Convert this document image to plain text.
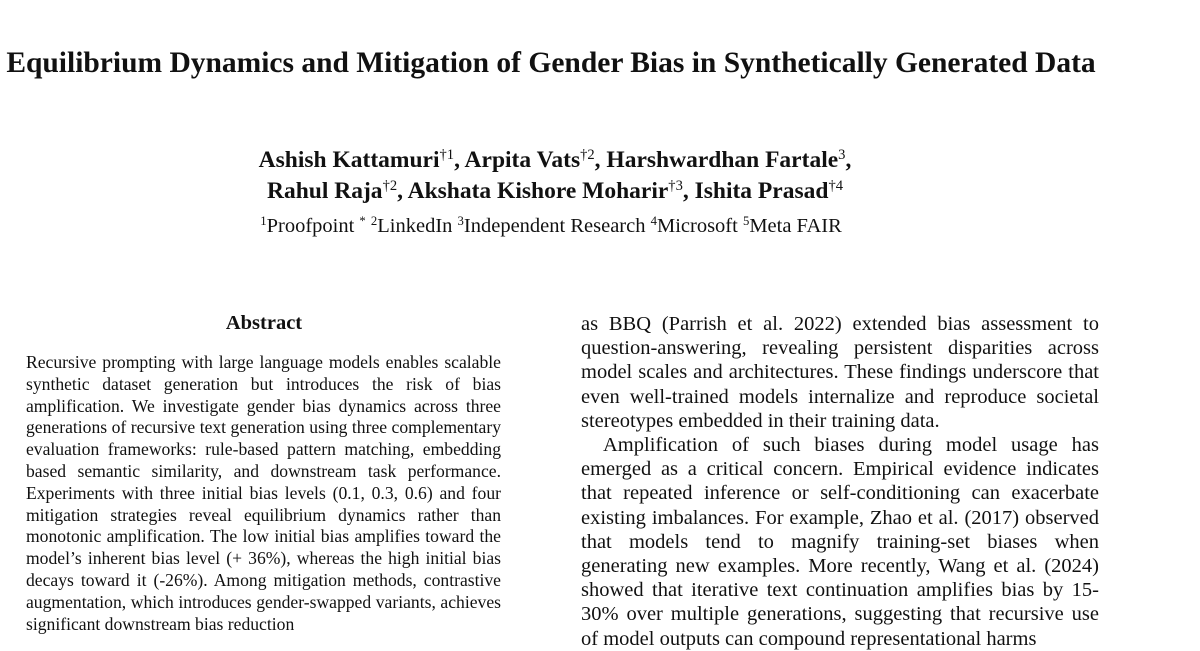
Equilibrium Dynamics and Mitigation of Gender Bias in Synthetically Generated Data
Ashish Kattamuri$^{\dagger 1}$, Arpita Vats$^{\dagger 2}$, Harshwardhan Fartale$^3$,
Rahul Raja$^{\dagger 2}$, Akshata Kishore Moharir$^{\dagger 3}$, Ishita Prasad$^{\dagger 4}$
$^1$Proofpoint * $^2$LinkedIn $^3$Independent Research $^4$Microsoft $^5$Meta FAIR
Abstract
Recursive prompting with large language models enables scalable synthetic dataset generation but introduces the risk of bias amplification. We investigate gender bias dynamics across three generations of recursive text generation using three complementary evaluation frameworks: rule-based pattern matching, embedding based semantic similarity, and downstream task performance. Experiments with three initial bias levels (0.1, 0.3, 0.6) and four mitigation strategies reveal equilibrium dynamics rather than monotonic amplification. The low initial bias amplifies toward the model’s inherent bias level (+ 36%), whereas the high initial bias decays toward it (-26%). Among mitigation methods, contrastive augmentation, which introduces gender-swapped variants, achieves significant downstream bias reduction

as BBQ (Parrish et al. 2022) extended bias assessment to question-answering, revealing persistent disparities across model scales and architectures. These findings underscore that even well-trained models internalize and reproduce societal stereotypes embedded in their training data.

Amplification of such biases during model usage has emerged as a critical concern. Empirical evidence indicates that repeated inference or self-conditioning can exacerbate existing imbalances. For example, Zhao et al. (2017) observed that models tend to magnify training-set biases when generating new examples. More recently, Wang et al. (2024) showed that iterative text continuation amplifies bias by 15-30% over multiple generations, suggesting that recursive use of model outputs can compound representational harms
